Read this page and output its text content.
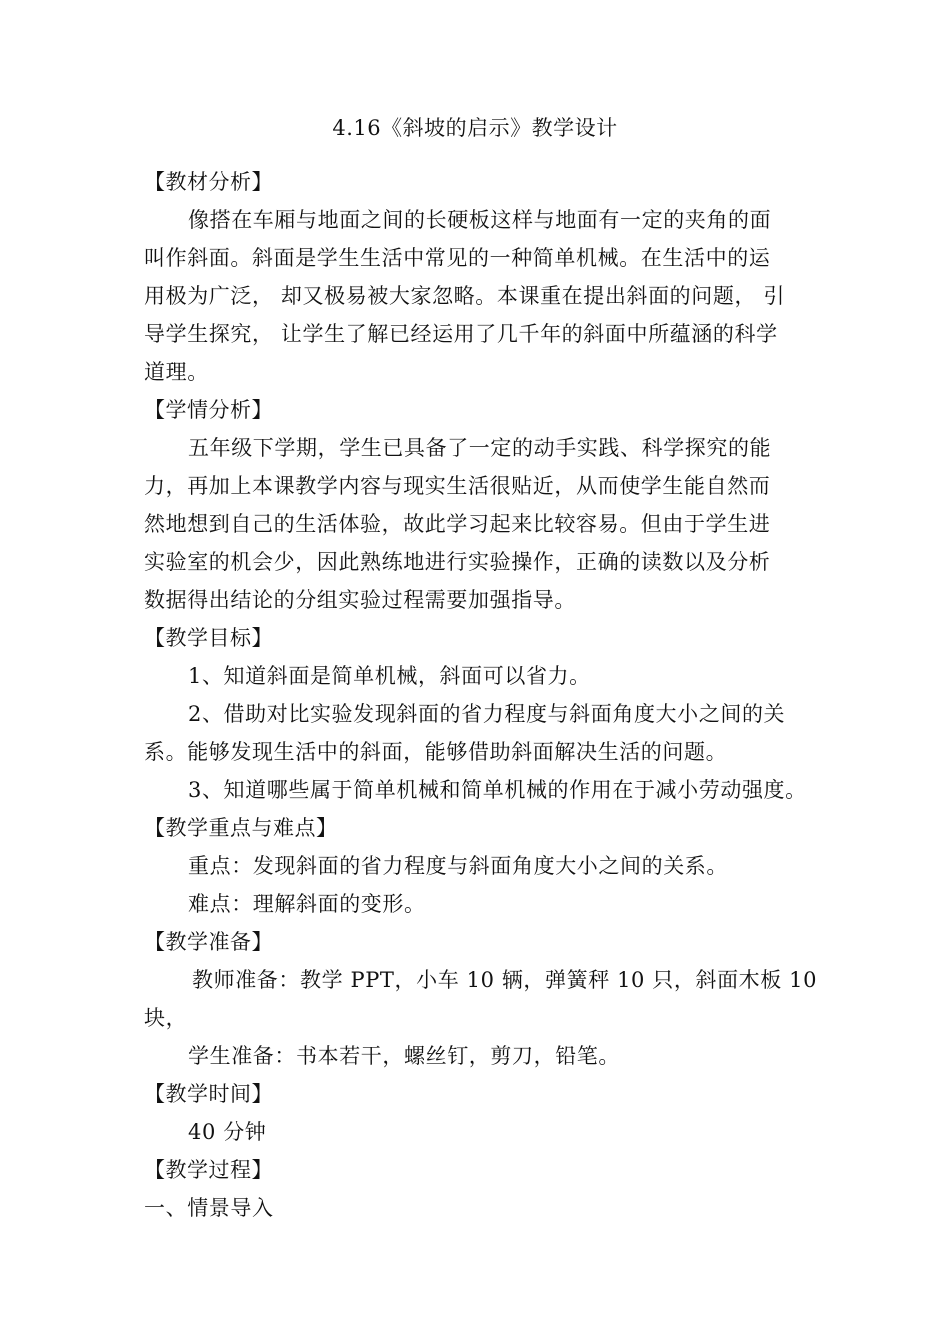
4.16《斜坡的启示》教学设计
【教材分析】
像搭在车厢与地面之间的长硬板这样与地面有一定的夹角的面
叫作斜面。斜面是学生生活中常见的一种简单机械。在生活中的运
用极为广泛， 却又极易被大家忽略。本课重在提出斜面的问题， 引
导学生探究， 让学生了解已经运用了几千年的斜面中所蕴涵的科学
道理。
【学情分析】
五年级下学期，学生已具备了一定的动手实践、科学探究的能
力，再加上本课教学内容与现实生活很贴近，从而使学生能自然而
然地想到自己的生活体验，故此学习起来比较容易。但由于学生进
实验室的机会少，因此熟练地进行实验操作，正确的读数以及分析
数据得出结论的分组实验过程需要加强指导。
【教学目标】
1、知道斜面是简单机械，斜面可以省力。
2、借助对比实验发现斜面的省力程度与斜面角度大小之间的关
系。能够发现生活中的斜面，能够借助斜面解决生活的问题。
3、知道哪些属于简单机械和简单机械的作用在于减小劳动强度。
【教学重点与难点】
重点：发现斜面的省力程度与斜面角度大小之间的关系。
难点：理解斜面的变形。
【教学准备】
教师准备：教学 PPT，小车 10 辆，弹簧秤 10 只，斜面木板 10
块，
学生准备：书本若干，螺丝钉，剪刀，铅笔。
【教学时间】
40 分钟
【教学过程】
一、情景导入
